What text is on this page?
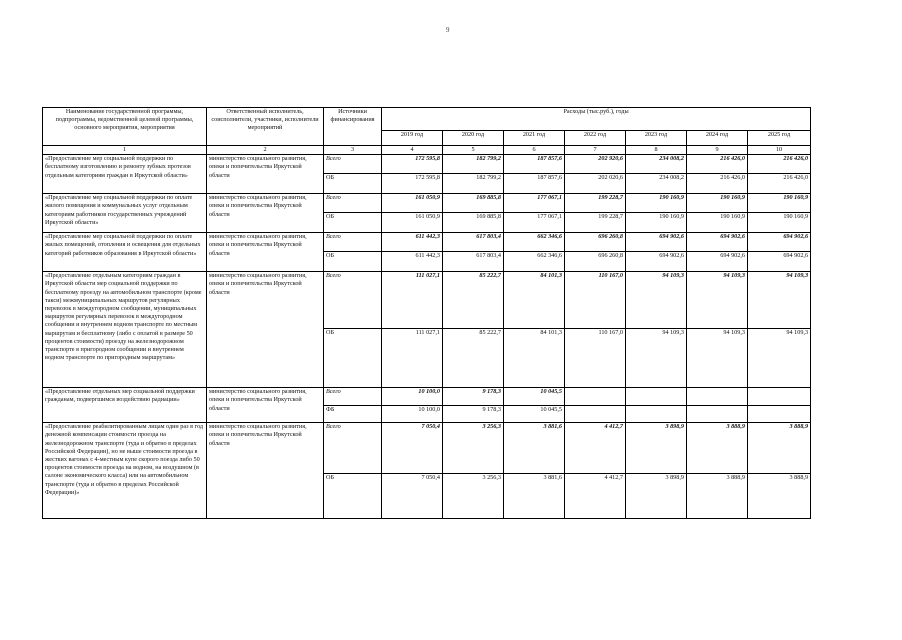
9
Наименование государственной программы, подпрограммы, ведомственной целевой программы, основного мероприятия, мероприятия	Ответственный исполнитель, соисполнители, участники, исполнители мероприятий	Источники финансирования	Расходы (тыс.руб.), годы						
			2019 год	2020 год	2021 год	2022 год	2023 год	2024 год	2025 год
1	2	3	4	5	6	7	8	9	10
«Предоставление мер социальной поддержки по бесплатному изготовлению и ремонту зубных протезов отдельным категориям граждан в Иркутской области»	министерство социального развития, опеки и попечительства Иркутской области	Всего	172 595,8	182 799,2	187 857,6	202 920,6	234 008,2	216 426,0	216 426,0
		ОБ	172 595,8	182 799,2	187 857,6	202 020,6	234 008,2	216 426,0	216 426,0
«Предоставление мер социальной поддержки по оплате жилого помещения и коммунальных услуг отдельным категориям работников государственных учреждений Иркутской области»	министерство социального развития, опеки и попечительства Иркутской области	Всего	161 050,9	169 885,8	177 067,1	199 228,7	190 160,9	190 160,9	190 160,9
		ОБ	161 050,9	169 885,8	177 067,1	199 228,7	190 160,9	190 160,9	190 160,9
«Предоставление мер социальной поддержки по оплате жилых помещений, отопления и освещения для отдельных категорий работников образования в Иркутской области»	министерство социального развития, опеки и попечительства Иркутской области	Всего	611 442,3	617 803,4	662 346,6	696 260,8	694 902,6	694 902,6	694 902,6
		ОБ	611 442,3	617 803,4	662 346,6	696 260,8	694 902,6	694 902,6	694 902,6
«Предоставление отдельным категориям граждан в Иркутской области мер социальной поддержки по бесплатному проезду на автомобильном транспорте (кроме такси) межмуниципальных маршрутов регулярных перевозок в междугородном сообщении, муниципальных маршрутов регулярных перевозок в междугородном сообщении и внутреннем водном транспорте по местным маршрутам и бесплатному (либо с оплатой в размере 50 процентов стоимости) проезду на железнодорожном транспорте в пригородном сообщении и внутреннем водном транспорте по пригородным маршрутам»	министерство социального развития, опеки и попечительства Иркутской области	Всего	111 027,1	85 222,7	84 101,3	110 167,0	94 109,3	94 109,3	94 109,3
		ОБ	111 027,1	85 222,7	84 101,3	110 167,0	94 109,3	94 109,3	94 109,3
«Предоставление отдельных мер социальной поддержки гражданам, подвергшимся воздействию радиации»	министерство социального развития, опеки и попечительства Иркутской области	Всего	10 100,0	9 178,3	10 045,5				
		ФБ	10 100,0	9 178,3	10 045,5				
«Предоставление реабилитированным лицам один раз в год денежной компенсации стоимости проезда на железнодорожном транспорте (туда и обратно в пределах Российской Федерации), но не выше стоимости проезда в жестких вагонах с 4-местным купе скорого поезда либо 50 процентов стоимости проезда на водном, на воздушном (в салоне экономического класса) или на автомобильном транспорте (туда и обратно в пределах Российской Федерации)»	министерство социального развития, опеки и попечительства Иркутской области	Всего	7 050,4	3 256,3	3 881,6	4 412,7	3 898,9	3 888,9	3 888,9
		ОБ	7 050,4	3 256,3	3 881,6	4 412,7	3 898,9	3 888,9	3 888,9
